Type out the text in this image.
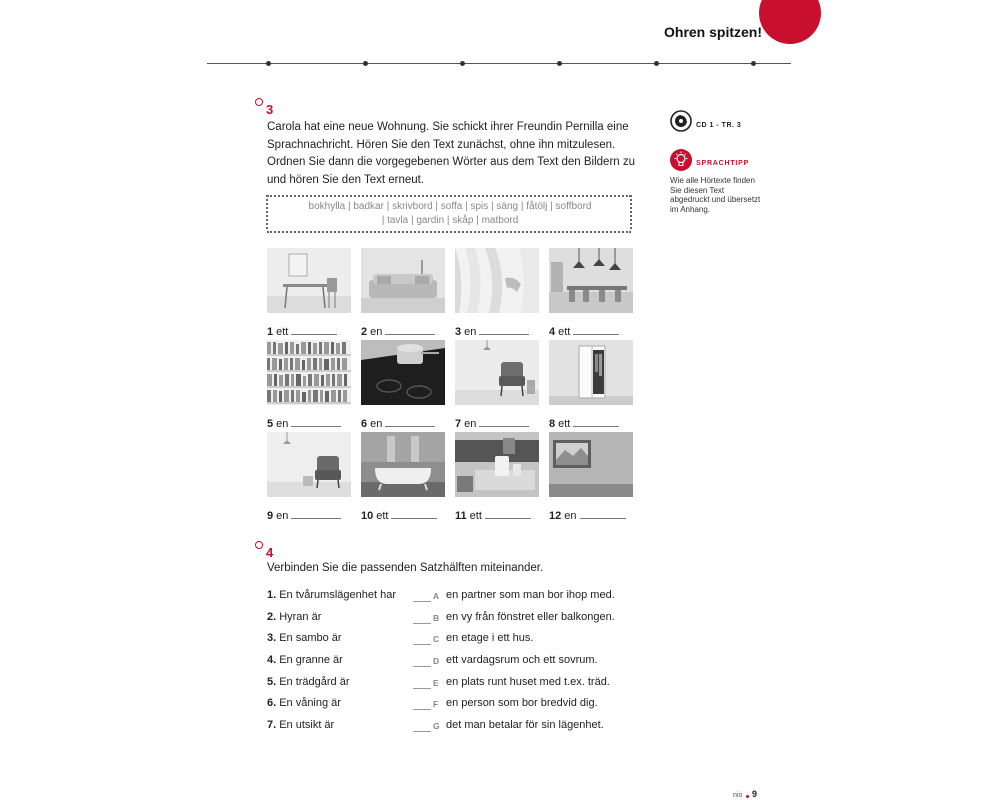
Ohren spitzen!
3
Carola hat eine neue Wohnung. Sie schickt ihrer Freundin Pernilla eine Sprachnachricht. Hören Sie den Text zunächst, ohne ihn mitzulesen. Ordnen Sie dann die vorgegebenen Wörter aus dem Text den Bildern zu und hören Sie den Text erneut.
bokhylla | badkar | skrivbord | soffa | spis | säng | fåtölj | soffbord
| tavla | gardin | skåp | matbord
CD 1 - TR. 3
SPRACHTIPP
Wie alle Hörtexte finden Sie diesen Text abgedruckt und übersetzt im Anhang.
1 ett	2 en	3 en	4 ett
5 en	6 en	7 en	8 ett
9 en	10 ett	11 ett	12 en
4
Verbinden Sie die passenden Satzhälften miteinander.
1. En tvårumslägenhet har	A en partner som man bor ihop med.
2. Hyran är	B en vy från fönstret eller balkongen.
3. En sambo är	C en etage i ett hus.
4. En granne är	D ett vardagsrum och ett sovrum.
5. En trädgård är	E en plats runt huset med t.ex. träd.
6. En våning är	F en person som bor bredvid dig.
7. En utsikt är	G det man betalar för sin lägenhet.
nio 9
